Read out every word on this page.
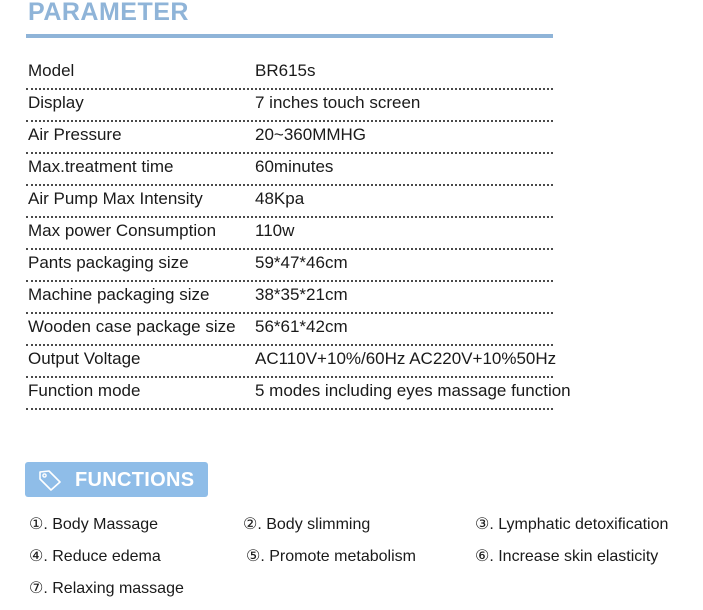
PARAMETER
Model	BR615s
Display	7 inches touch screen
Air Pressure	20~360MMHG
Max.treatment time	60minutes
Air Pump Max Intensity	48Kpa
Max power Consumption 110w
Pants packaging size	59*47*46cm
Machine packaging size	38*35*21cm
Wooden case package size 56*61*42cm
Output Voltage	AC110V+10%/60Hz AC220V+10%50Hz
Function mode	5 modes including eyes massage function
FUNCTIONS
①. Body Massage	②. Body slimming	③. Lymphatic detoxification
④. Reduce edema	⑤. Promote metabolism	⑥. Increase skin elasticity
⑦. Relaxing massage
